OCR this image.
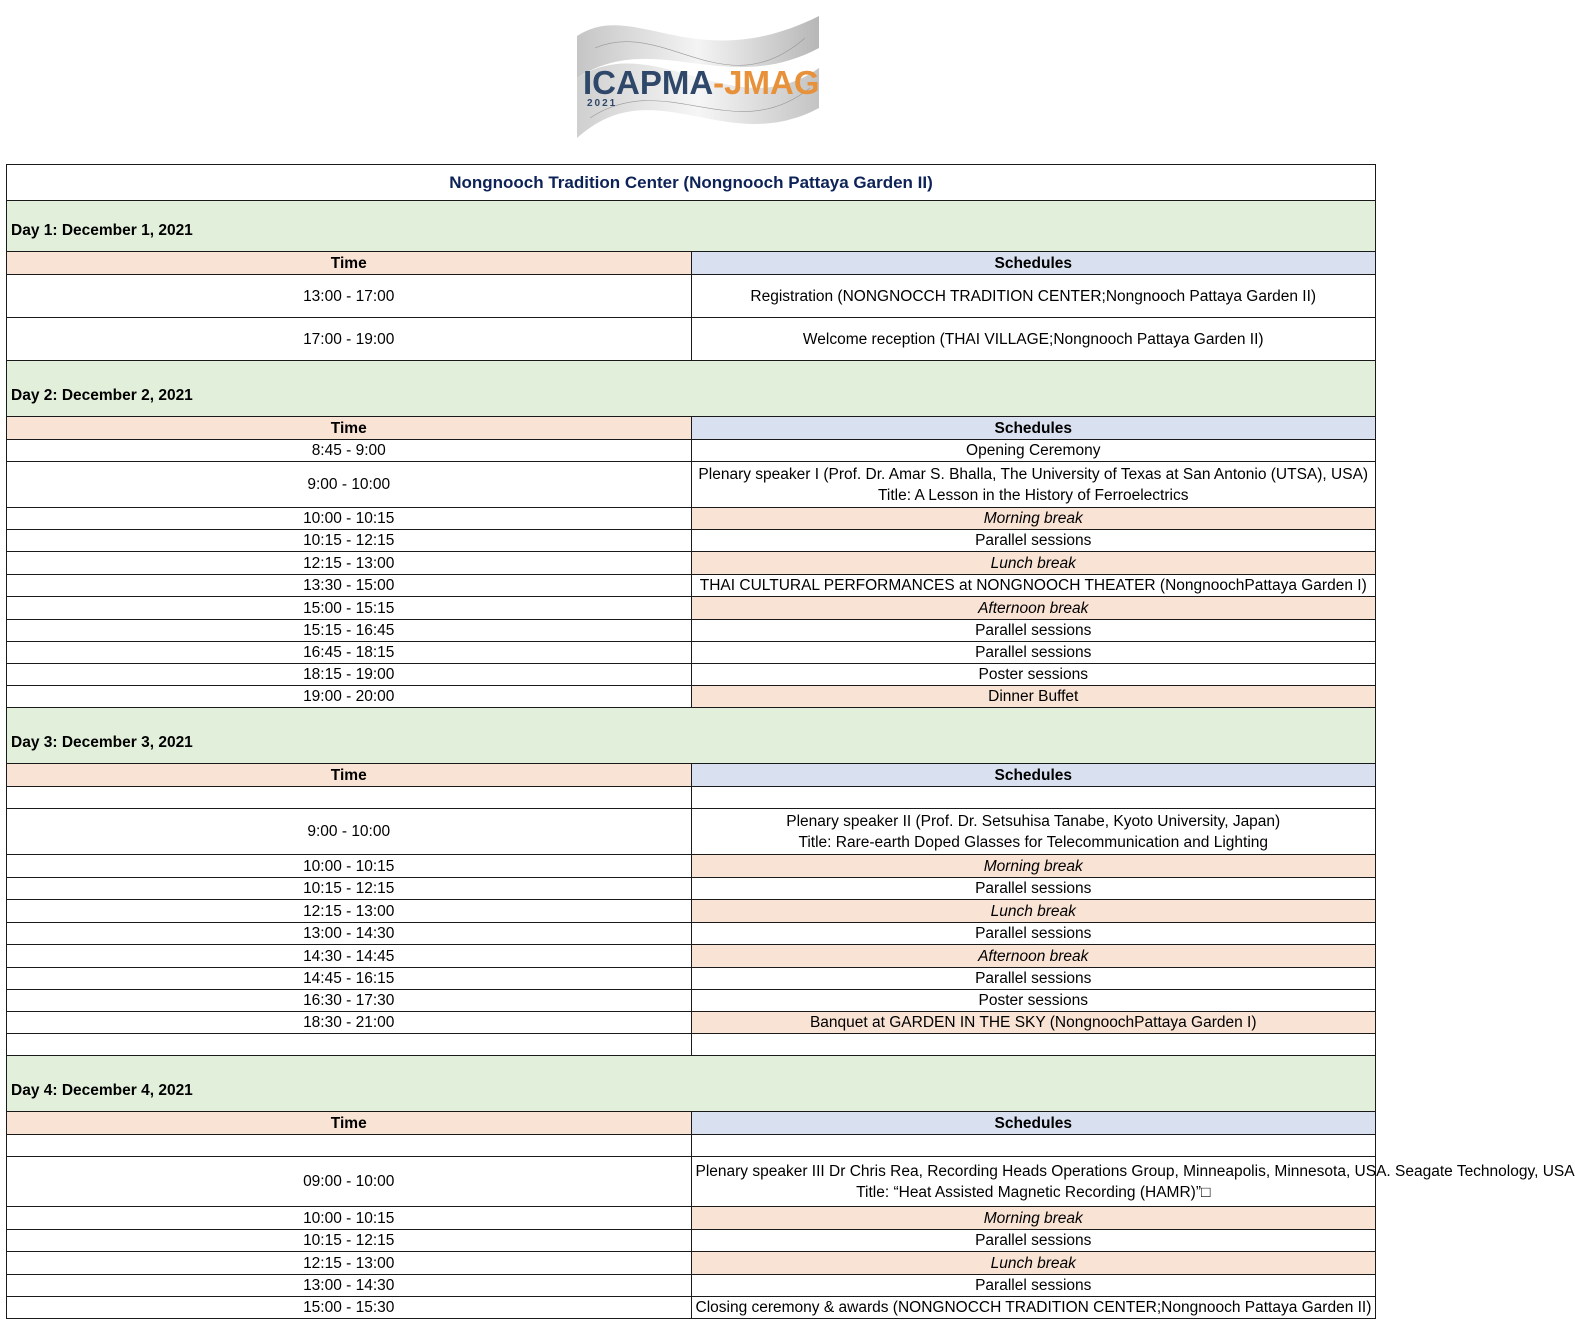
ICAPMA-JMAG
2021
Nongnooch Tradition Center (Nongnooch Pattaya Garden II)	
Day 1: December 1, 2021	
Time	Schedules
13:00 - 17:00	Registration (NONGNOCCH TRADITION CENTER;Nongnooch Pattaya Garden II)

17:00 - 19:00	Welcome reception (THAI VILLAGE;Nongnooch Pattaya Garden II)

Day 2: December 2, 2021	
Time	Schedules
8:45 - 9:00	Opening Ceremony

9:00 - 10:00	Plenary speaker I (Prof. Dr. Amar S. Bhalla, The University of Texas at San Antonio (UTSA), USA)
Title: A Lesson in the History of Ferroelectrics

10:00 - 10:15	Morning break

10:15 - 12:15	Parallel sessions

12:15 - 13:00	Lunch break

13:30 - 15:00	THAI CULTURAL PERFORMANCES at NONGNOOCH THEATER (NongnoochPattaya Garden I)

15:00 - 15:15	Afternoon break

15:15 - 16:45	Parallel sessions

16:45 - 18:15	Parallel sessions

18:15 - 19:00	Poster sessions

19:00 - 20:00	Dinner Buffet

Day 3: December 3, 2021	
Time	Schedules

9:00 - 10:00	Plenary speaker II (Prof. Dr. Setsuhisa Tanabe, Kyoto University, Japan)
Title: Rare-earth Doped Glasses for Telecommunication and Lighting

10:00 - 10:15	Morning break

10:15 - 12:15	Parallel sessions

12:15 - 13:00	Lunch break

13:00 - 14:30	Parallel sessions

14:30 - 14:45	Afternoon break

14:45 - 16:15	Parallel sessions

16:30 - 17:30	Poster sessions

18:30 - 21:00	Banquet at GARDEN IN THE SKY (NongnoochPattaya Garden I)

Day 4: December 4, 2021	
Time	Schedules

09:00 - 10:00	Plenary speaker III Dr Chris Rea, Recording Heads Operations Group, Minneapolis, Minnesota, USA. Seagate Technology, USA
Title: “Heat Assisted Magnetic Recording (HAMR)”□

10:00 - 10:15	Morning break

10:15 - 12:15	Parallel sessions

12:15 - 13:00	Lunch break

13:00 - 14:30	Parallel sessions

15:00 - 15:30	Closing ceremony & awards (NONGNOCCH TRADITION CENTER;Nongnooch Pattaya Garden II)
